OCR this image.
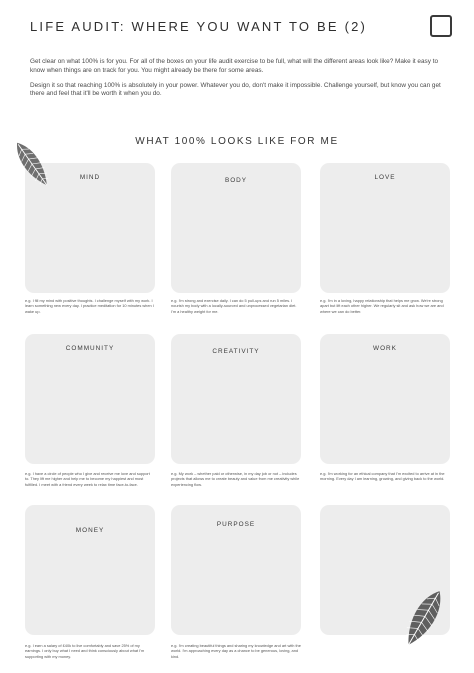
LIFE AUDIT: WHERE YOU WANT TO BE (2)

Get clear on what 100% is for you. For all of the boxes on your life audit exercise to be full, what will the different areas look like? Make it easy to know when things are on track for you. You might already be there for some areas.

Design it so that reaching 100% is absolutely in your power. Whatever you do, don't make it impossible. Challenge yourself, but know you can get there and feel that it'll be worth it when you do.

WHAT 100% LOOKS LIKE FOR ME
MIND	BODY	LOVE
e.g. I fill my mind with positive thoughts. I challenge myself with my work. I learn something new every day. I practice meditation for 10 minutes when I wake up.
e.g. I'm strong and exercise daily. I can do 5 pull-ups and run 5 miles. I nourish my body with a locally-sourced and unprocessed vegetarian diet. I'm a healthy weight for me.
e.g. I'm in a loving, happy relationship that helps me grow. We're strong apart but lift each other higher. We regularly sit and ask how we are and where we can do better.
COMMUNITY	CREATIVITY	WORK
e.g. I have a circle of people who I give and receive me love and support to. They lift me higher and help me to become my happiest and most fulfilled. I meet with a friend every week to relax time face-to-face.
e.g. My work – whether paid or otherwise, in my day job or not – includes projects that allows me to create beauty and value from me creativity while experiencing flow.
e.g. I'm working for an ethical company that I'm excited to arrive at in the morning. Every day I am learning, growing, and giving back to the world.
MONEY
PURPOSE
e.g. I earn a salary of £40k to live comfortably and save 25% of my earnings. I only buy what I need and think consciously about what I'm supporting with my money.
e.g. I'm creating beautiful things and sharing my knowledge and art with the world. I'm approaching every day as a chance to be generous, loving, and kind.
